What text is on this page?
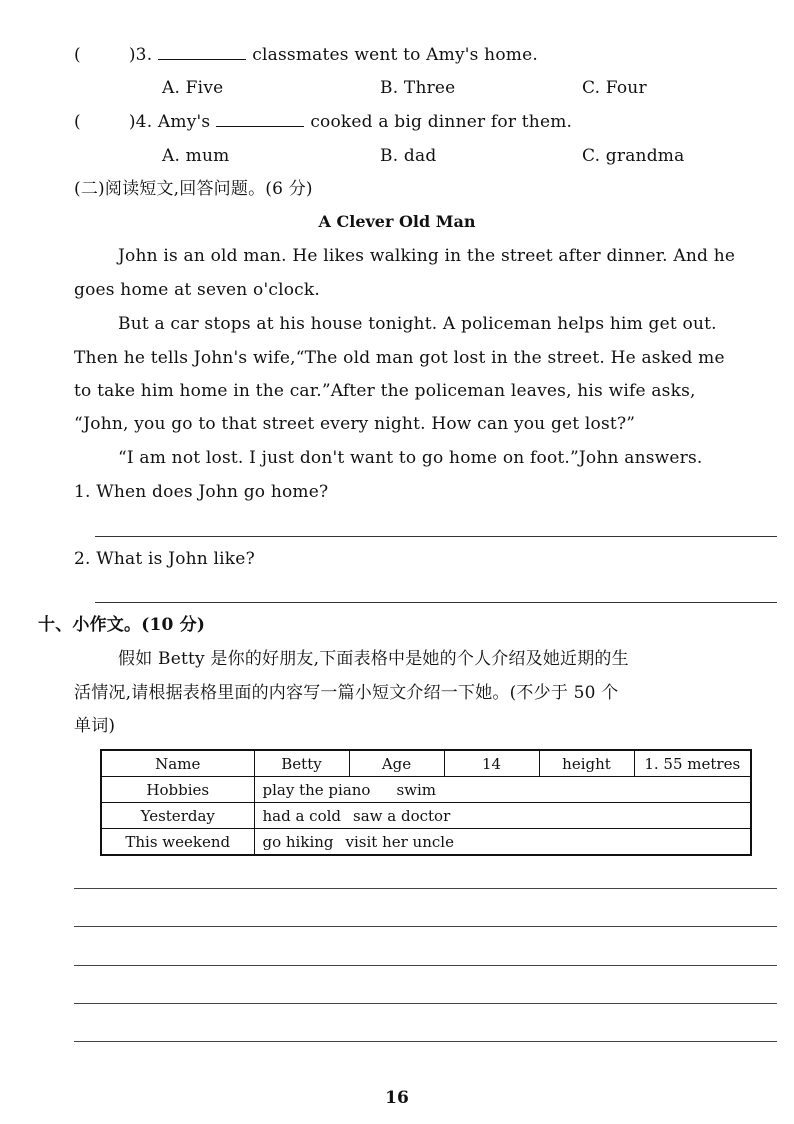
(	)3.	classmates went to Amy's home.
A. Five	B. Three	C. Four
(	)4. Amy's	cooked a big dinner for them.
A. mum	B. dad	C. grandma
(二)阅读短文,回答问题。(6 分)
A Clever Old Man
John is an old man. He likes walking in the street after dinner. And he
goes home at seven o'clock.
But a car stops at his house tonight. A policeman helps him get out.
Then he tells John's wife,“The old man got lost in the street. He asked me
to take him home in the car.”After the policeman leaves, his wife asks,
“John, you go to that street every night. How can you get lost?”
“I am not lost. I just don't want to go home on foot.”John answers.
1. When does John go home?
2. What is John like?
十、小作文。(10 分)
假如 Betty 是你的好朋友,下面表格中是她的个人介绍及她近期的生
活情况,请根据表格里面的内容写一篇小短文介绍一下她。(不少于 50 个
单词)
Name	Betty	Age	14	height	1. 55 metres
Hobbies	play the piano swim				
Yesterday	had a cold saw a doctor				
This weekend	go hiking visit her uncle				
16
